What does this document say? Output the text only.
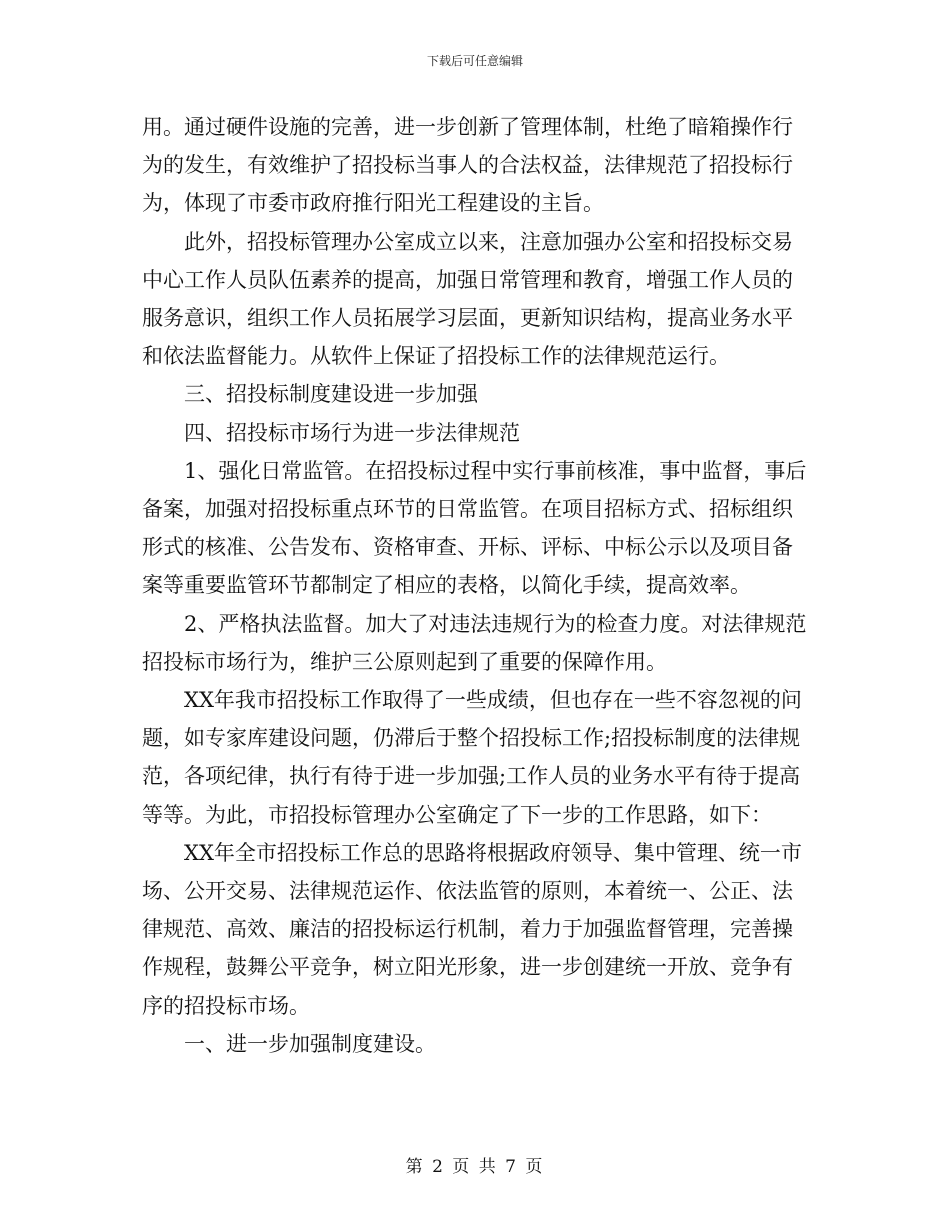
下载后可任意编辑

用。通过硬件设施的完善，进一步创新了管理体制，杜绝了暗箱操作行为的发生，有效维护了招投标当事人的合法权益，法律规范了招投标行为，体现了市委市政府推行阳光工程建设的主旨。

此外，招投标管理办公室成立以来，注意加强办公室和招投标交易中心工作人员队伍素养的提高，加强日常管理和教育，增强工作人员的服务意识，组织工作人员拓展学习层面，更新知识结构，提高业务水平和依法监督能力。从软件上保证了招投标工作的法律规范运行。

三、招投标制度建设进一步加强

四、招投标市场行为进一步法律规范

1、强化日常监管。在招投标过程中实行事前核准，事中监督，事后备案，加强对招投标重点环节的日常监管。在项目招标方式、招标组织形式的核准、公告发布、资格审查、开标、评标、中标公示以及项目备案等重要监管环节都制定了相应的表格，以简化手续，提高效率。

2、严格执法监督。加大了对违法违规行为的检查力度。对法律规范招投标市场行为，维护三公原则起到了重要的保障作用。

XX年我市招投标工作取得了一些成绩，但也存在一些不容忽视的问题，如专家库建设问题，仍滞后于整个招投标工作;招投标制度的法律规范，各项纪律，执行有待于进一步加强;工作人员的业务水平有待于提高等等。为此，市招投标管理办公室确定了下一步的工作思路，如下：

XX年全市招投标工作总的思路将根据政府领导、集中管理、统一市场、公开交易、法律规范运作、依法监管的原则，本着统一、公正、法律规范、高效、廉洁的招投标运行机制，着力于加强监督管理，完善操作规程，鼓舞公平竞争，树立阳光形象，进一步创建统一开放、竞争有序的招投标市场。

一、进一步加强制度建设。

第 2 页 共 7 页
